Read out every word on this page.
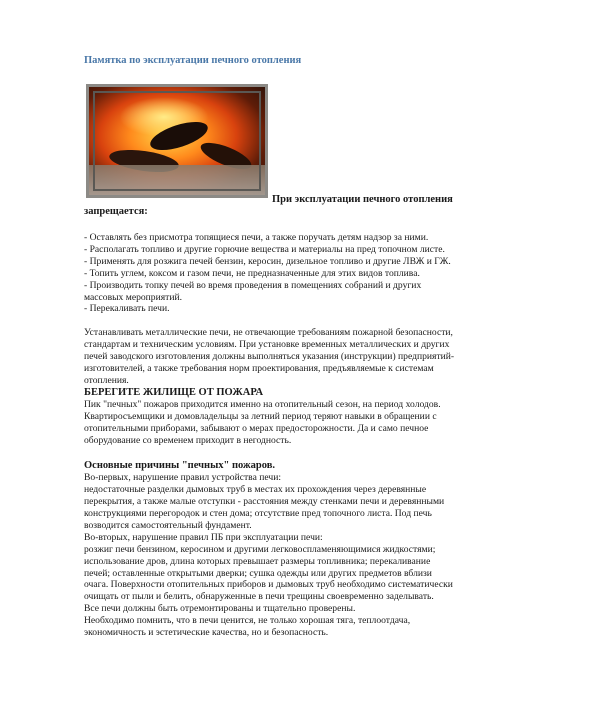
Памятка по эксплуатации печного отопления
При эксплуатации печного отопления
запрещается:

- Оставлять без присмотра топящиеся печи, а также поручать детям надзор за ними.

- Располагать топливо и другие горючие вещества и материалы на пред топочном листе.

- Применять для розжига печей бензин, керосин, дизельное топливо и другие ЛВЖ и ГЖ.

- Топить углем, коксом и газом печи, не предназначенные для этих видов топлива.

- Производить топку печей во время проведения в помещениях собраний и других

массовых мероприятий.

- Перекаливать печи.

Устанавливать металлические печи, не отвечающие требованиям пожарной безопасности,

стандартам и техническим условиям. При установке временных металлических и других

печей заводского изготовления должны выполняться указания (инструкции) предприятий-

изготовителей, а также требования норм проектирования, предъявляемые к системам

отопления.

БЕРЕГИТЕ ЖИЛИЩЕ ОТ ПОЖАРА

Пик "печных" пожаров приходится именно на отопительный сезон, на период холодов.

Квартиросъемщики и домовладельцы за летний период теряют навыки в обращении с

отопительными приборами, забывают о мерах предосторожности. Да и само печное

оборудование со временем приходит в негодность.

Основные причины "печных" пожаров.

Во-первых, нарушение правил устройства печи:

недостаточные разделки дымовых труб в местах их прохождения через деревянные

перекрытия, а также малые отступки - расстояния между стенками печи и деревянными

конструкциями перегородок и стен дома; отсутствие пред топочного листа. Под печь

возводится самостоятельный фундамент.

Во-вторых, нарушение правил ПБ при эксплуатации печи:

розжиг печи бензином, керосином и другими легковоспламеняющимися жидкостями;

использование дров, длина которых превышает размеры топливника; перекаливание

печей; оставленные открытыми дверки; сушка одежды или других предметов вблизи

очага. Поверхности отопительных приборов и дымовых труб необходимо систематически

очищать от пыли и белить, обнаруженные в печи трещины своевременно заделывать.

Все печи должны быть отремонтированы и тщательно проверены.

Необходимо помнить, что в печи ценится, не только хорошая тяга, теплоотдача,

экономичность и эстетические качества, но и безопасность.
